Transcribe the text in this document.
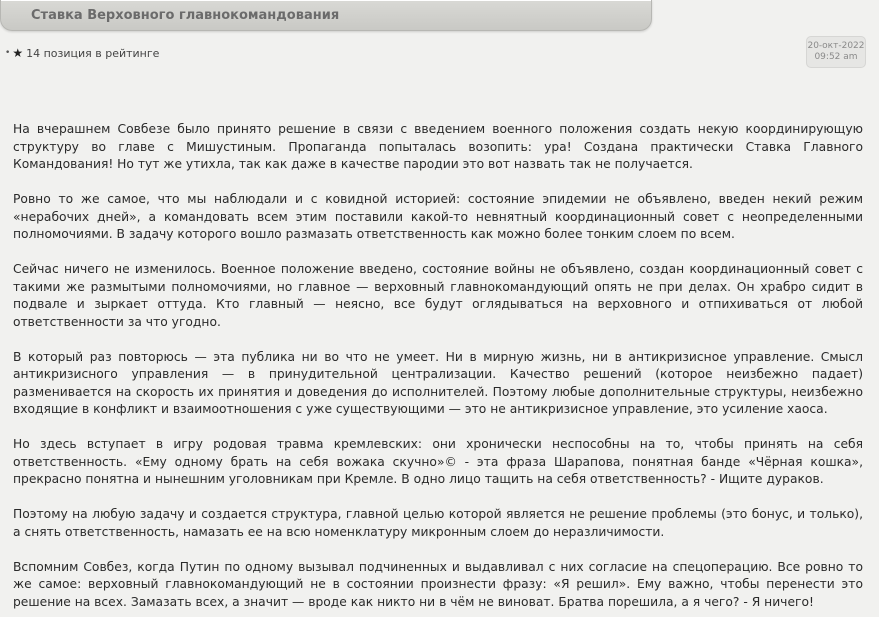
Ставка Верховного главнокомандования
• ★ 14 позиция в рейтинге
20-окт-2022
09:52 am

На вчерашнем Совбезе было принято решение в связи с введением военного положения создать некую координирующую структуру во главе с Мишустиным. Пропаганда попыталась возопить: ура! Создана практически Ставка Главного Командования! Но тут же утихла, так как даже в качестве пародии это вот назвать так не получается.

Ровно то же самое, что мы наблюдали и с ковидной историей: состояние эпидемии не объявлено, введен некий режим «нерабочих дней», а командовать всем этим поставили какой-то невнятный координационный совет с неопределенными полномочиями. В задачу которого вошло размазать ответственность как можно более тонким слоем по всем.

Сейчас ничего не изменилось. Военное положение введено, состояние войны не объявлено, создан координационный совет с такими же размытыми полномочиями, но главное — верховный главнокомандующий опять не при делах. Он храбро сидит в подвале и зыркает оттуда. Кто главный — неясно, все будут оглядываться на верховного и отпихиваться от любой ответственности за что угодно.

В который раз повторюсь — эта публика ни во что не умеет. Ни в мирную жизнь, ни в антикризисное управление. Смысл антикризисного управления — в принудительной централизации. Качество решений (которое неизбежно падает) разменивается на скорость их принятия и доведения до исполнителей. Поэтому любые дополнительные структуры, неизбежно входящие в конфликт и взаимоотношения с уже существующими — это не антикризисное управление, это усиление хаоса.

Но здесь вступает в игру родовая травма кремлевских: они хронически неспособны на то, чтобы принять на себя ответственность. «Ему одному брать на себя вожака скучно»© - эта фраза Шарапова, понятная банде «Чёрная кошка», прекрасно понятна и нынешним уголовникам при Кремле. В одно лицо тащить на себя ответственность? - Ищите дураков.

Поэтому на любую задачу и создается структура, главной целью которой является не решение проблемы (это бонус, и только), а снять ответственность, намазать ее на всю номенклатуру микронным слоем до неразличимости.

Вспомним Совбез, когда Путин по одному вызывал подчиненных и выдавливал с них согласие на спецоперацию. Все ровно то же самое: верховный главнокомандующий не в состоянии произнести фразу: «Я решил». Ему важно, чтобы перенести это решение на всех. Замазать всех, а значит — вроде как никто ни в чём не виноват. Братва порешила, а я чего? - Я ничего!
